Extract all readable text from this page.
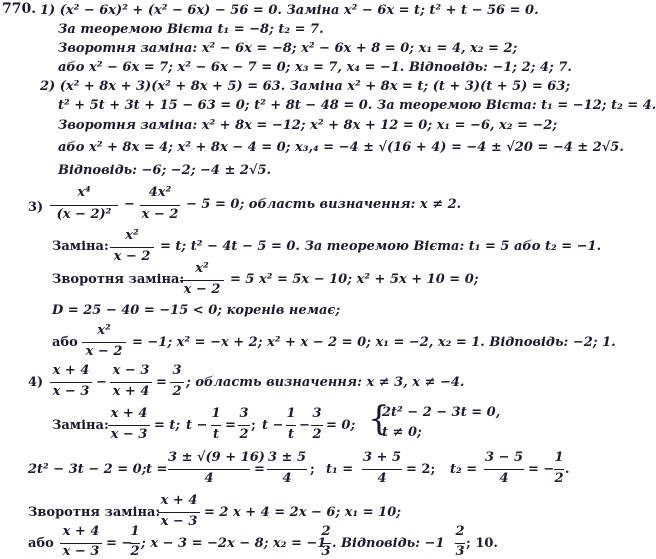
770. 1) (x² − 6x)² + (x² − 6x) − 56 = 0. Заміна x² − 6x = t; t² + t − 56 = 0.
За теоремою Вієта t₁ = −8; t₂ = 7.
Зворотня заміна: x² − 6x = −8; x² − 6x + 8 = 0; x₁ = 4, x₂ = 2;
або x² − 6x = 7; x² − 6x − 7 = 0; x₃ = 7, x₄ = −1. Відповідь: −1; 2; 4; 7.
2) (x² + 8x + 3)(x² + 8x + 5) = 63. Заміна x² + 8x = t; (t + 3)(t + 5) = 63;
t² + 5t + 3t + 15 − 63 = 0; t² + 8t − 48 = 0. За теоремою Вієта: t₁ = −12; t₂ = 4.
Зворотня заміна: x² + 8x = −12; x² + 8x + 12 = 0; x₁ = −6, x₂ = −2;
або x² + 8x = 4; x² + 8x − 4 = 0; x₃,₄ = −4 ± √(16 + 4) = −4 ± √20 = −4 ± 2√5.
Відповідь: −6; −2; −4 ± 2√5.
3)
x⁴
(x − 2)²
−
4x²
x − 2
− 5 = 0; область визначення: x ≠ 2.
Заміна:
x²
x − 2
= t; t² − 4t − 5 = 0. За теоремою Вієта: t₁ = 5 або t₂ = −1.
Зворотня заміна:
x²
x − 2
= 5 x² = 5x − 10; x² + 5x + 10 = 0;
D = 25 − 40 = −15 < 0; коренів немає;
або
x²
x − 2
= −1; x² = −x + 2; x² + x − 2 = 0; x₁ = −2, x₂ = 1. Відповідь: −2; 1.
4)
x + 4
x − 3
−
x − 3
x + 4
=
3
2
; область визначення: x ≠ 3, x ≠ −4.
Заміна:
x + 4
x − 3
= t; t −
1
t
=
3
2
; t −
1
t
−
3
2
= 0; {
2t² − 2 − 3t = 0,
t ≠ 0;
2t² − 3t − 2 = 0; t =
3 ± √(9 + 16)
4
=
3 ± 5
4
; t₁ =
3 + 5
4
= 2; t₂ =
3 − 5
4
= −
1
2
.
Зворотня заміна:
x + 4
x − 3
= 2 x + 4 = 2x − 6; x₁ = 10;
або
x + 4
x − 3
= −
1
2
; x − 3 = −2x − 8; x₂ = −1
2
3
. Відповідь: −1
2
3
; 10.
